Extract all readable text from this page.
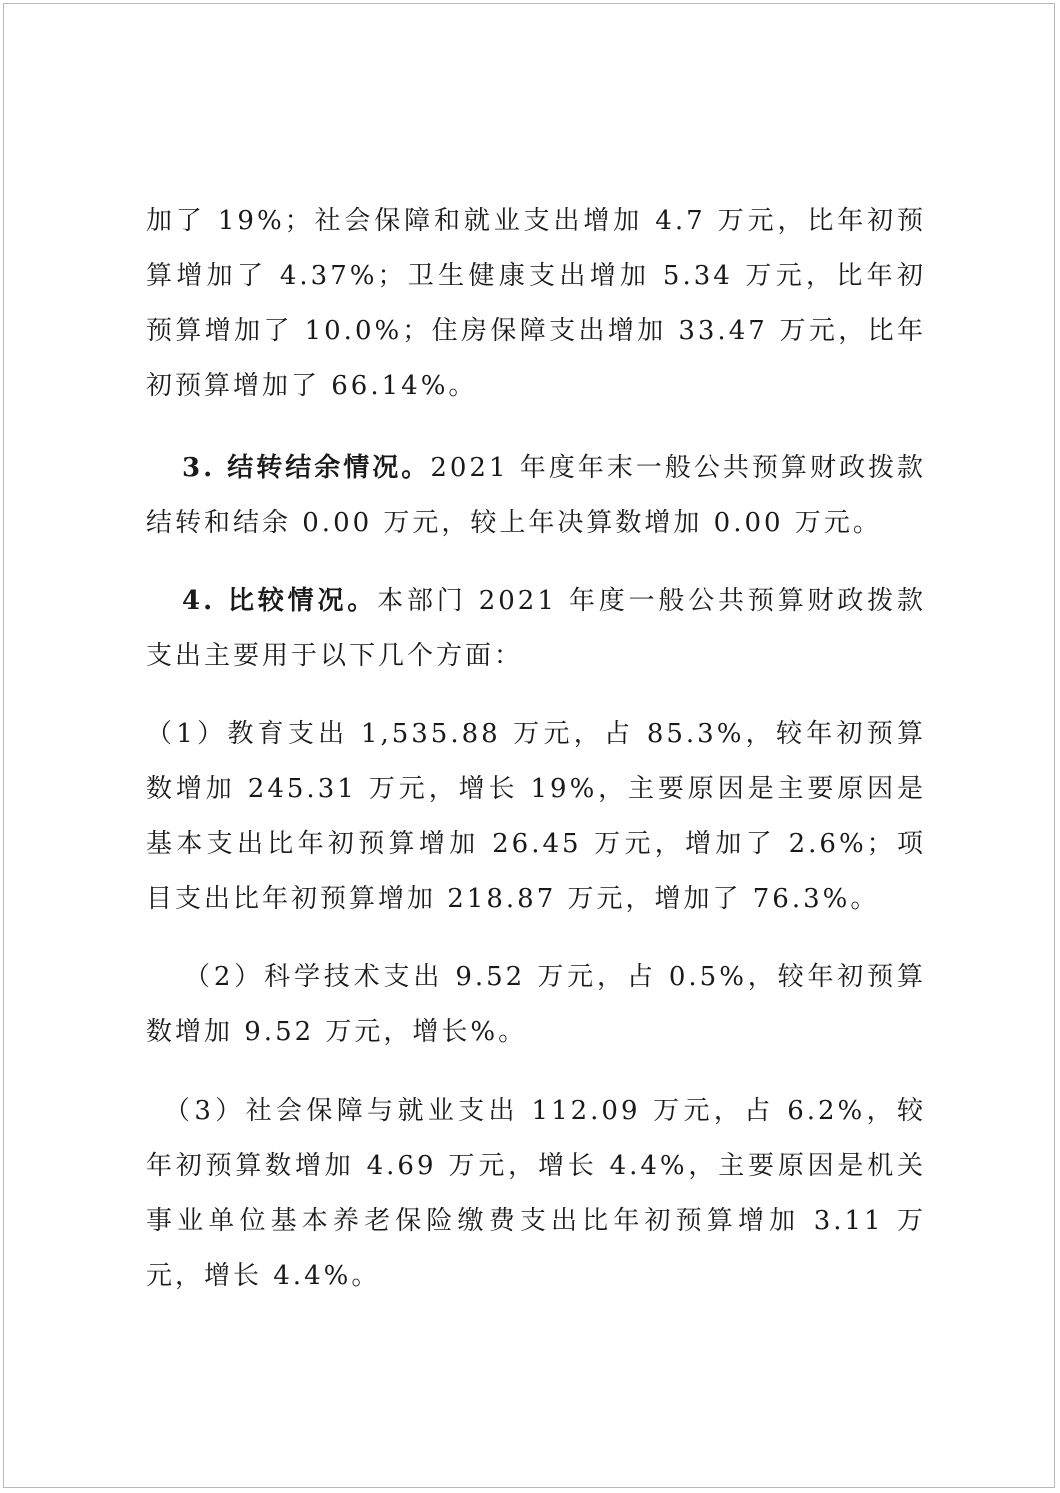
加了 19%；社会保障和就业支出增加 4.7 万元，比年初预算增加了 4.37%；卫生健康支出增加 5.34 万元，比年初预算增加了 10.0%；住房保障支出增加 33.47 万元，比年初预算增加了 66.14%。

3. 结转结余情况。2021 年度年末一般公共预算财政拨款结转和结余 0.00 万元，较上年决算数增加 0.00 万元。

4. 比较情况。本部门 2021 年度一般公共预算财政拨款支出主要用于以下几个方面：

（1）教育支出 1,535.88 万元，占 85.3%，较年初预算数增加 245.31 万元，增长 19%，主要原因是主要原因是基本支出比年初预算增加 26.45 万元，增加了 2.6%；项目支出比年初预算增加 218.87 万元，增加了 76.3%。

（2）科学技术支出 9.52 万元，占 0.5%，较年初预算数增加 9.52 万元，增长%。

（3）社会保障与就业支出 112.09 万元，占 6.2%，较年初预算数增加 4.69 万元，增长 4.4%，主要原因是机关事业单位基本养老保险缴费支出比年初预算增加 3.11 万 元，增长 4.4%。
